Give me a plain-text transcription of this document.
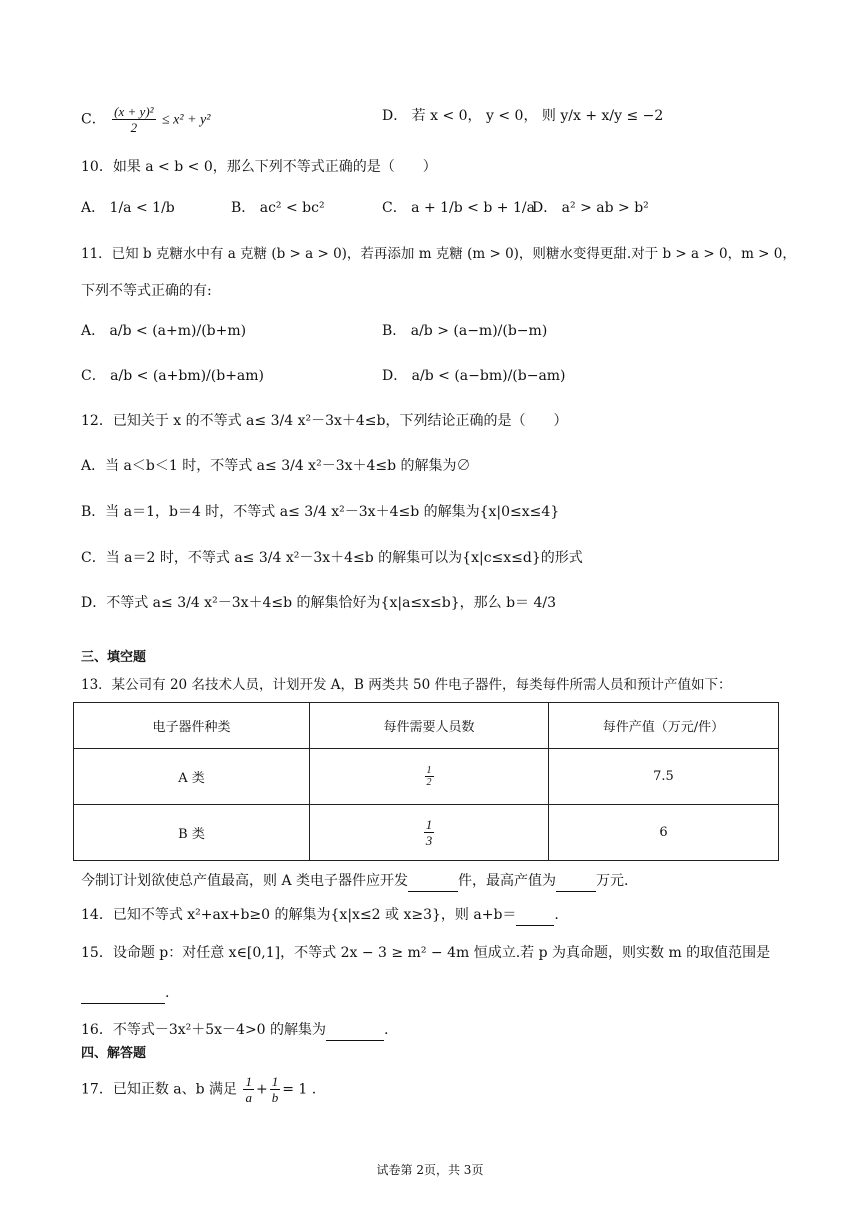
C． $\frac{\text{(x + y)²}}{2} \le x^2 + y^2$	D． 若 x < 0， y < 0， 则 y/x + x/y ≤ −2
10．如果 a < b < 0，那么下列不等式正确的是（　　）
A． 1/a < 1/b	B． ac² < bc²	C． a + 1/b < b + 1/a
D． a² > ab > b²
11．已知 b 克糖水中有 a 克糖 (b > a > 0)，若再添加 m 克糖 (m > 0)，则糖水变得更甜.对于 b > a > 0，m > 0，
下列不等式正确的有:
A． a/b < (a+m)/(b+m)	B． a/b > (a−m)/(b−m)
C． a/b < (a+bm)/(b+am)	D． a/b < (a−bm)/(b−am)
12．已知关于 x 的不等式 a≤ 3/4 x²－3x＋4≤b，下列结论正确的是（　　）
A．当 a＜b＜1 时，不等式 a≤ 3/4 x²－3x＋4≤b 的解集为∅
B．当 a＝1，b＝4 时，不等式 a≤ 3/4 x²－3x＋4≤b 的解集为{x|0≤x≤4}
C．当 a＝2 时，不等式 a≤ 3/4 x²－3x＋4≤b 的解集可以为{x|c≤x≤d}的形式
D．不等式 a≤ 3/4 x²－3x＋4≤b 的解集恰好为{x|a≤x≤b}，那么 b＝ 4/3
三、填空题
13．某公司有 20 名技术人员，计划开发 A，B 两类共 50 件电子器件，每类每件所需人员和预计产值如下：
电子器件种类	每件需要人员数	每件产值（万元/件）
A 类	$\frac{1}{2}$	7.5
B 类	$\frac{1}{3}$	6
今制订计划欲使总产值最高，则 A 类电子器件应开发	件，最高产值为	万元.
14．已知不等式 x²+ax+b≥0 的解集为{x|x≤2 或 x≥3}，则 a+b＝	.
15．设命题 p：对任意 x∈[0,1]，不等式 2x − 3 ≥ m² − 4m 恒成立.若 p 为真命题，则实数 m 的取值范围是
.
16．不等式－3x²＋5x－4>0 的解集为	.
四、解答题
17．已知正数 a、b 满足 $\frac{1}{a} + \frac{1}{b} = 1$ .
试卷第 2页，共 3页
